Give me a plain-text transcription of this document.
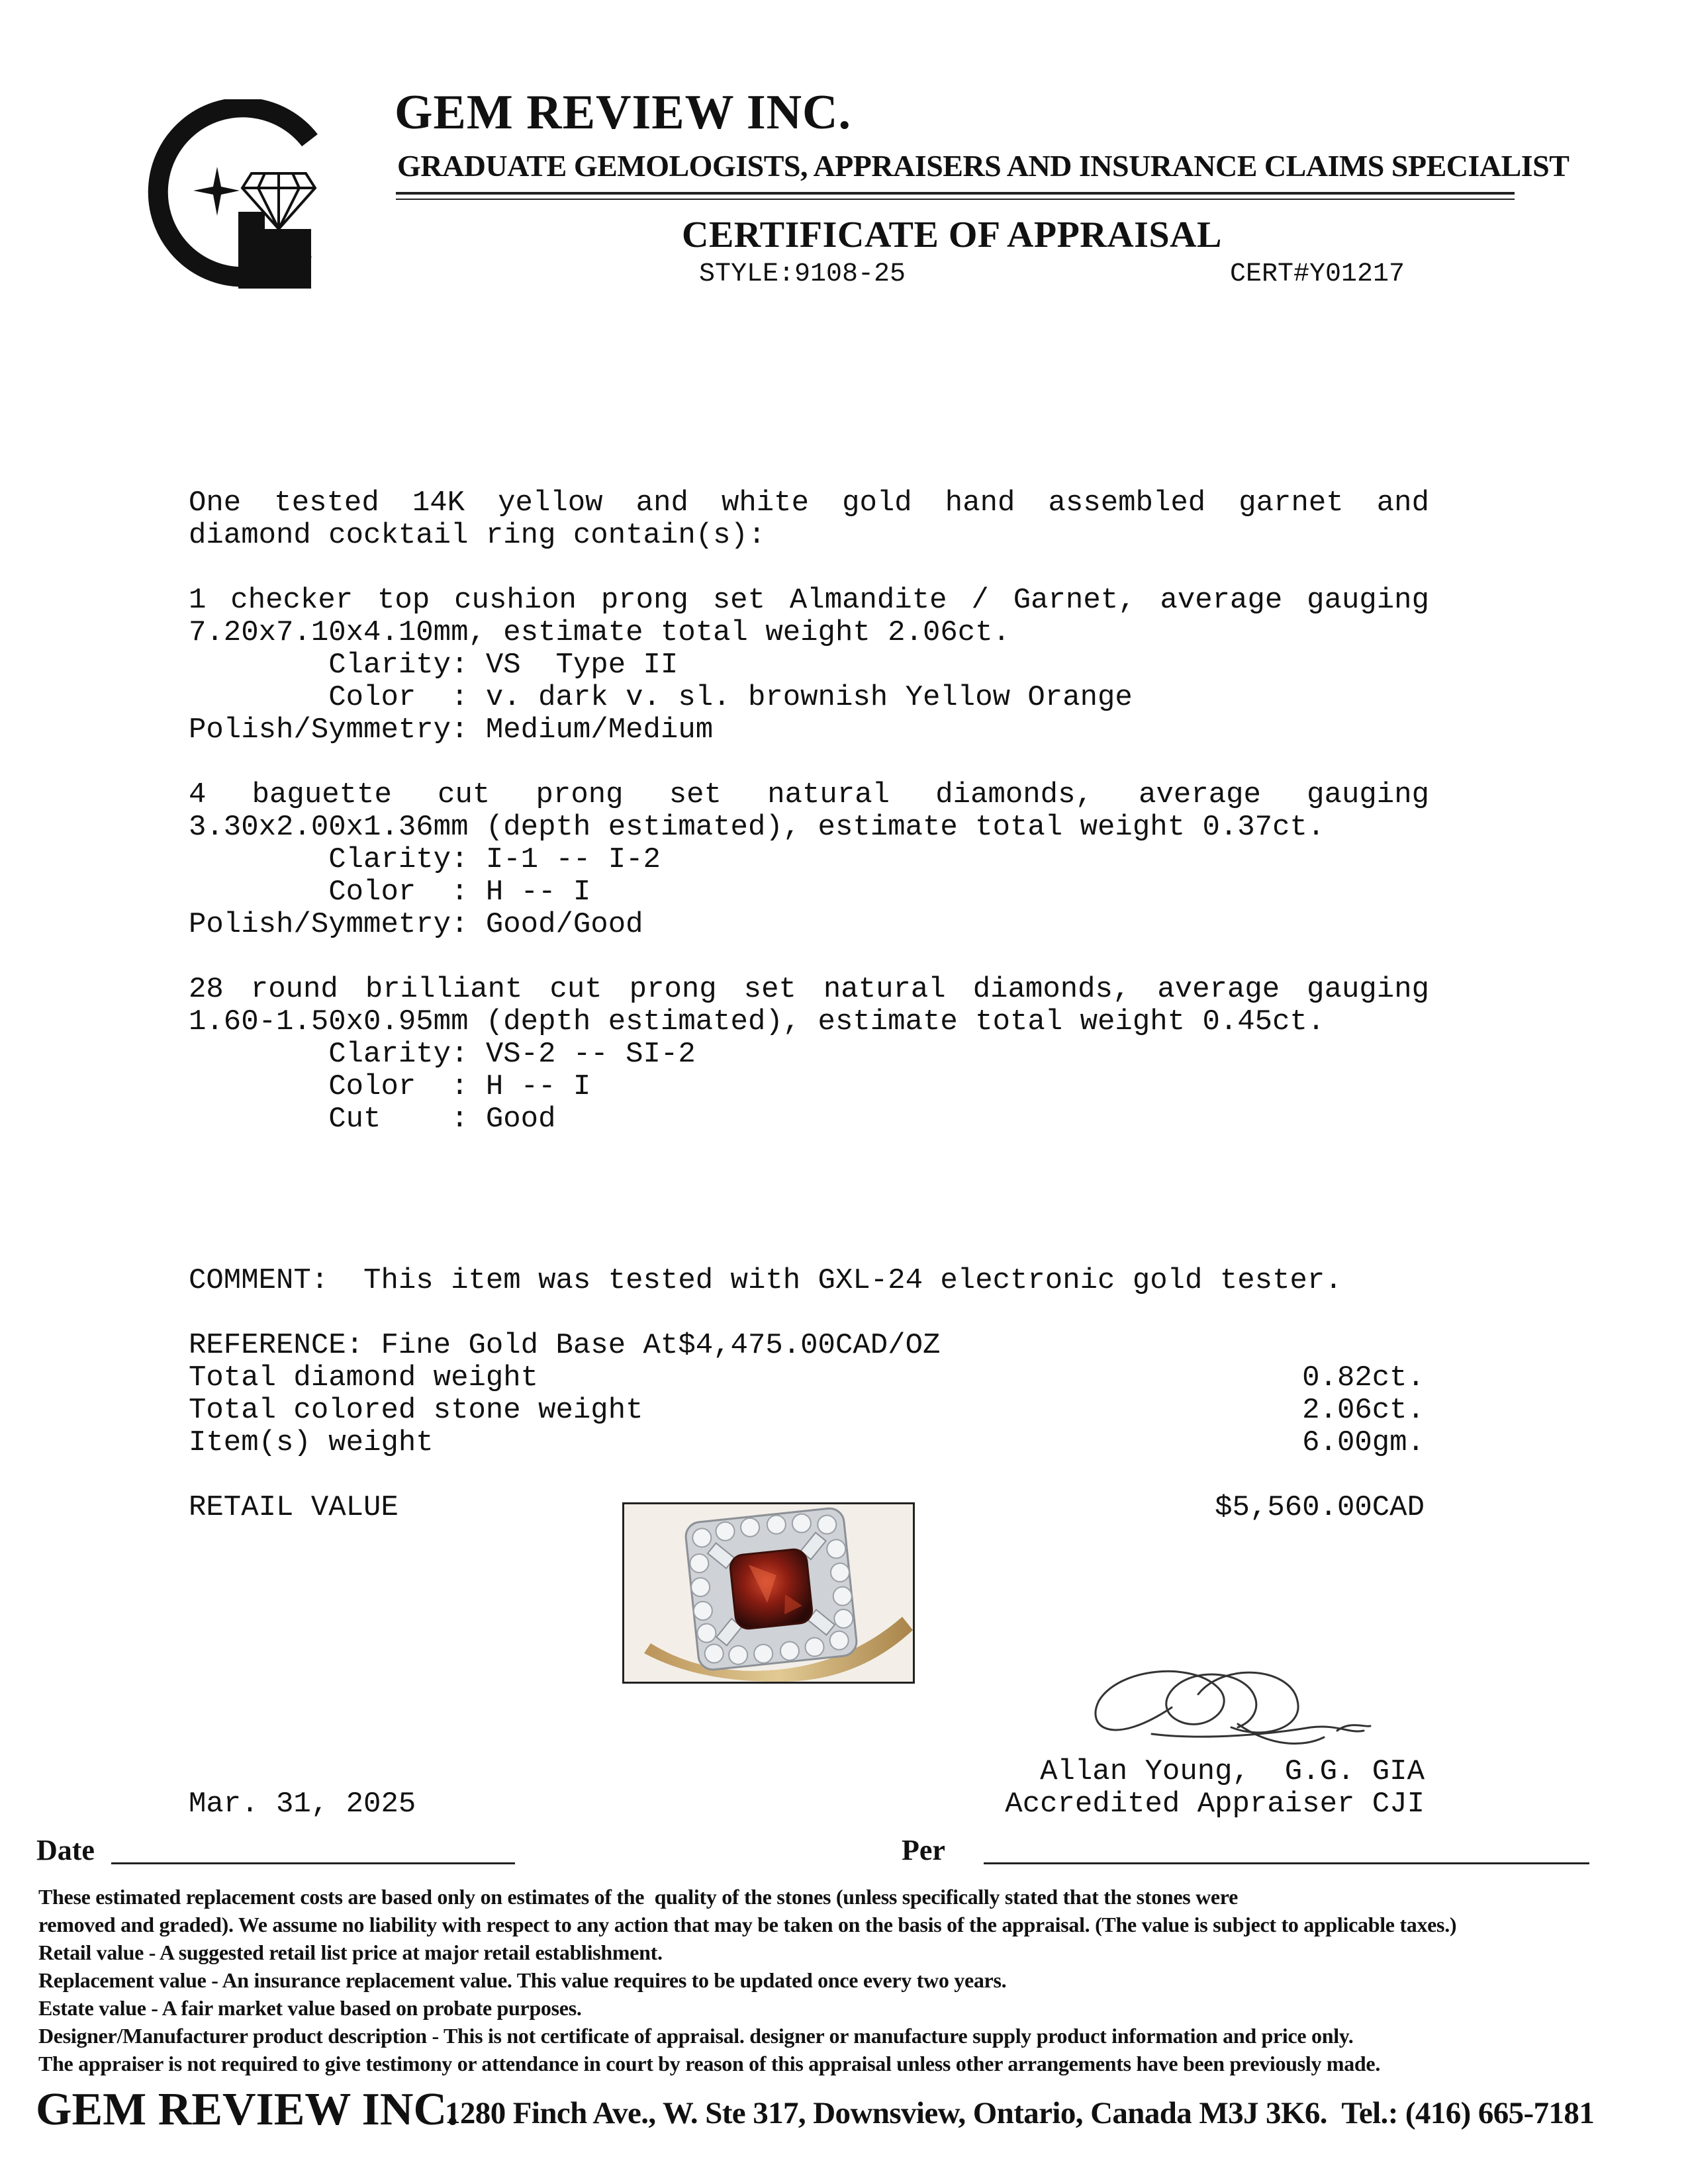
GEM REVIEW INC.
GRADUATE GEMOLOGISTS, APPRAISERS AND INSURANCE CLAIMS SPECIALIST
CERTIFICATE OF APPRAISAL
STYLE:9108-25	CERT#Y01217
One tested 14K yellow and white gold hand assembled garnet and
diamond cocktail ring contain(s):
1 checker top cushion prong set Almandite / Garnet, average gauging
7.20x7.10x4.10mm, estimate total weight 2.06ct.
Clarity: VS  Type II
Color  : v. dark v. sl. brownish Yellow Orange
Polish/Symmetry: Medium/Medium
4 baguette cut prong set natural diamonds, average gauging
3.30x2.00x1.36mm (depth estimated), estimate total weight 0.37ct.
Clarity: I-1 -- I-2
Color  : H -- I
Polish/Symmetry: Good/Good
28 round brilliant cut prong set natural diamonds, average gauging
1.60-1.50x0.95mm (depth estimated), estimate total weight 0.45ct.
Clarity: VS-2 -- SI-2
Color  : H -- I
Cut    : Good
COMMENT:  This item was tested with GXL-24 electronic gold tester.
REFERENCE: Fine Gold Base At$4,475.00CAD/OZ
Total diamond weight	0.82ct.
Total colored stone weight	2.06ct.
Item(s) weight	6.00gm.
RETAIL VALUE	$5,560.00CAD
Allan Young,  G.G. GIA
Mar. 31, 2025	Accredited Appraiser CJI
Date	Per
These estimated replacement costs are based only on estimates of the  quality of the stones (unless specifically stated that the stones were
removed and graded). We assume no liability with respect to any action that may be taken on the basis of the appraisal. (The value is subject to applicable taxes.)
Retail value - A suggested retail list price at major retail establishment.
Replacement value - An insurance replacement value. This value requires to be updated once every two years.
Estate value - A fair market value based on probate purposes.
Designer/Manufacturer product description - This is not certificate of appraisal. designer or manufacture supply product information and price only.
The appraiser is not required to give testimony or attendance in court by reason of this appraisal unless other arrangements have been previously made.
GEM REVIEW INC.
1280 Finch Ave., W. Ste 317, Downsview, Ontario, Canada M3J 3K6.  Tel.: (416) 665-7181
